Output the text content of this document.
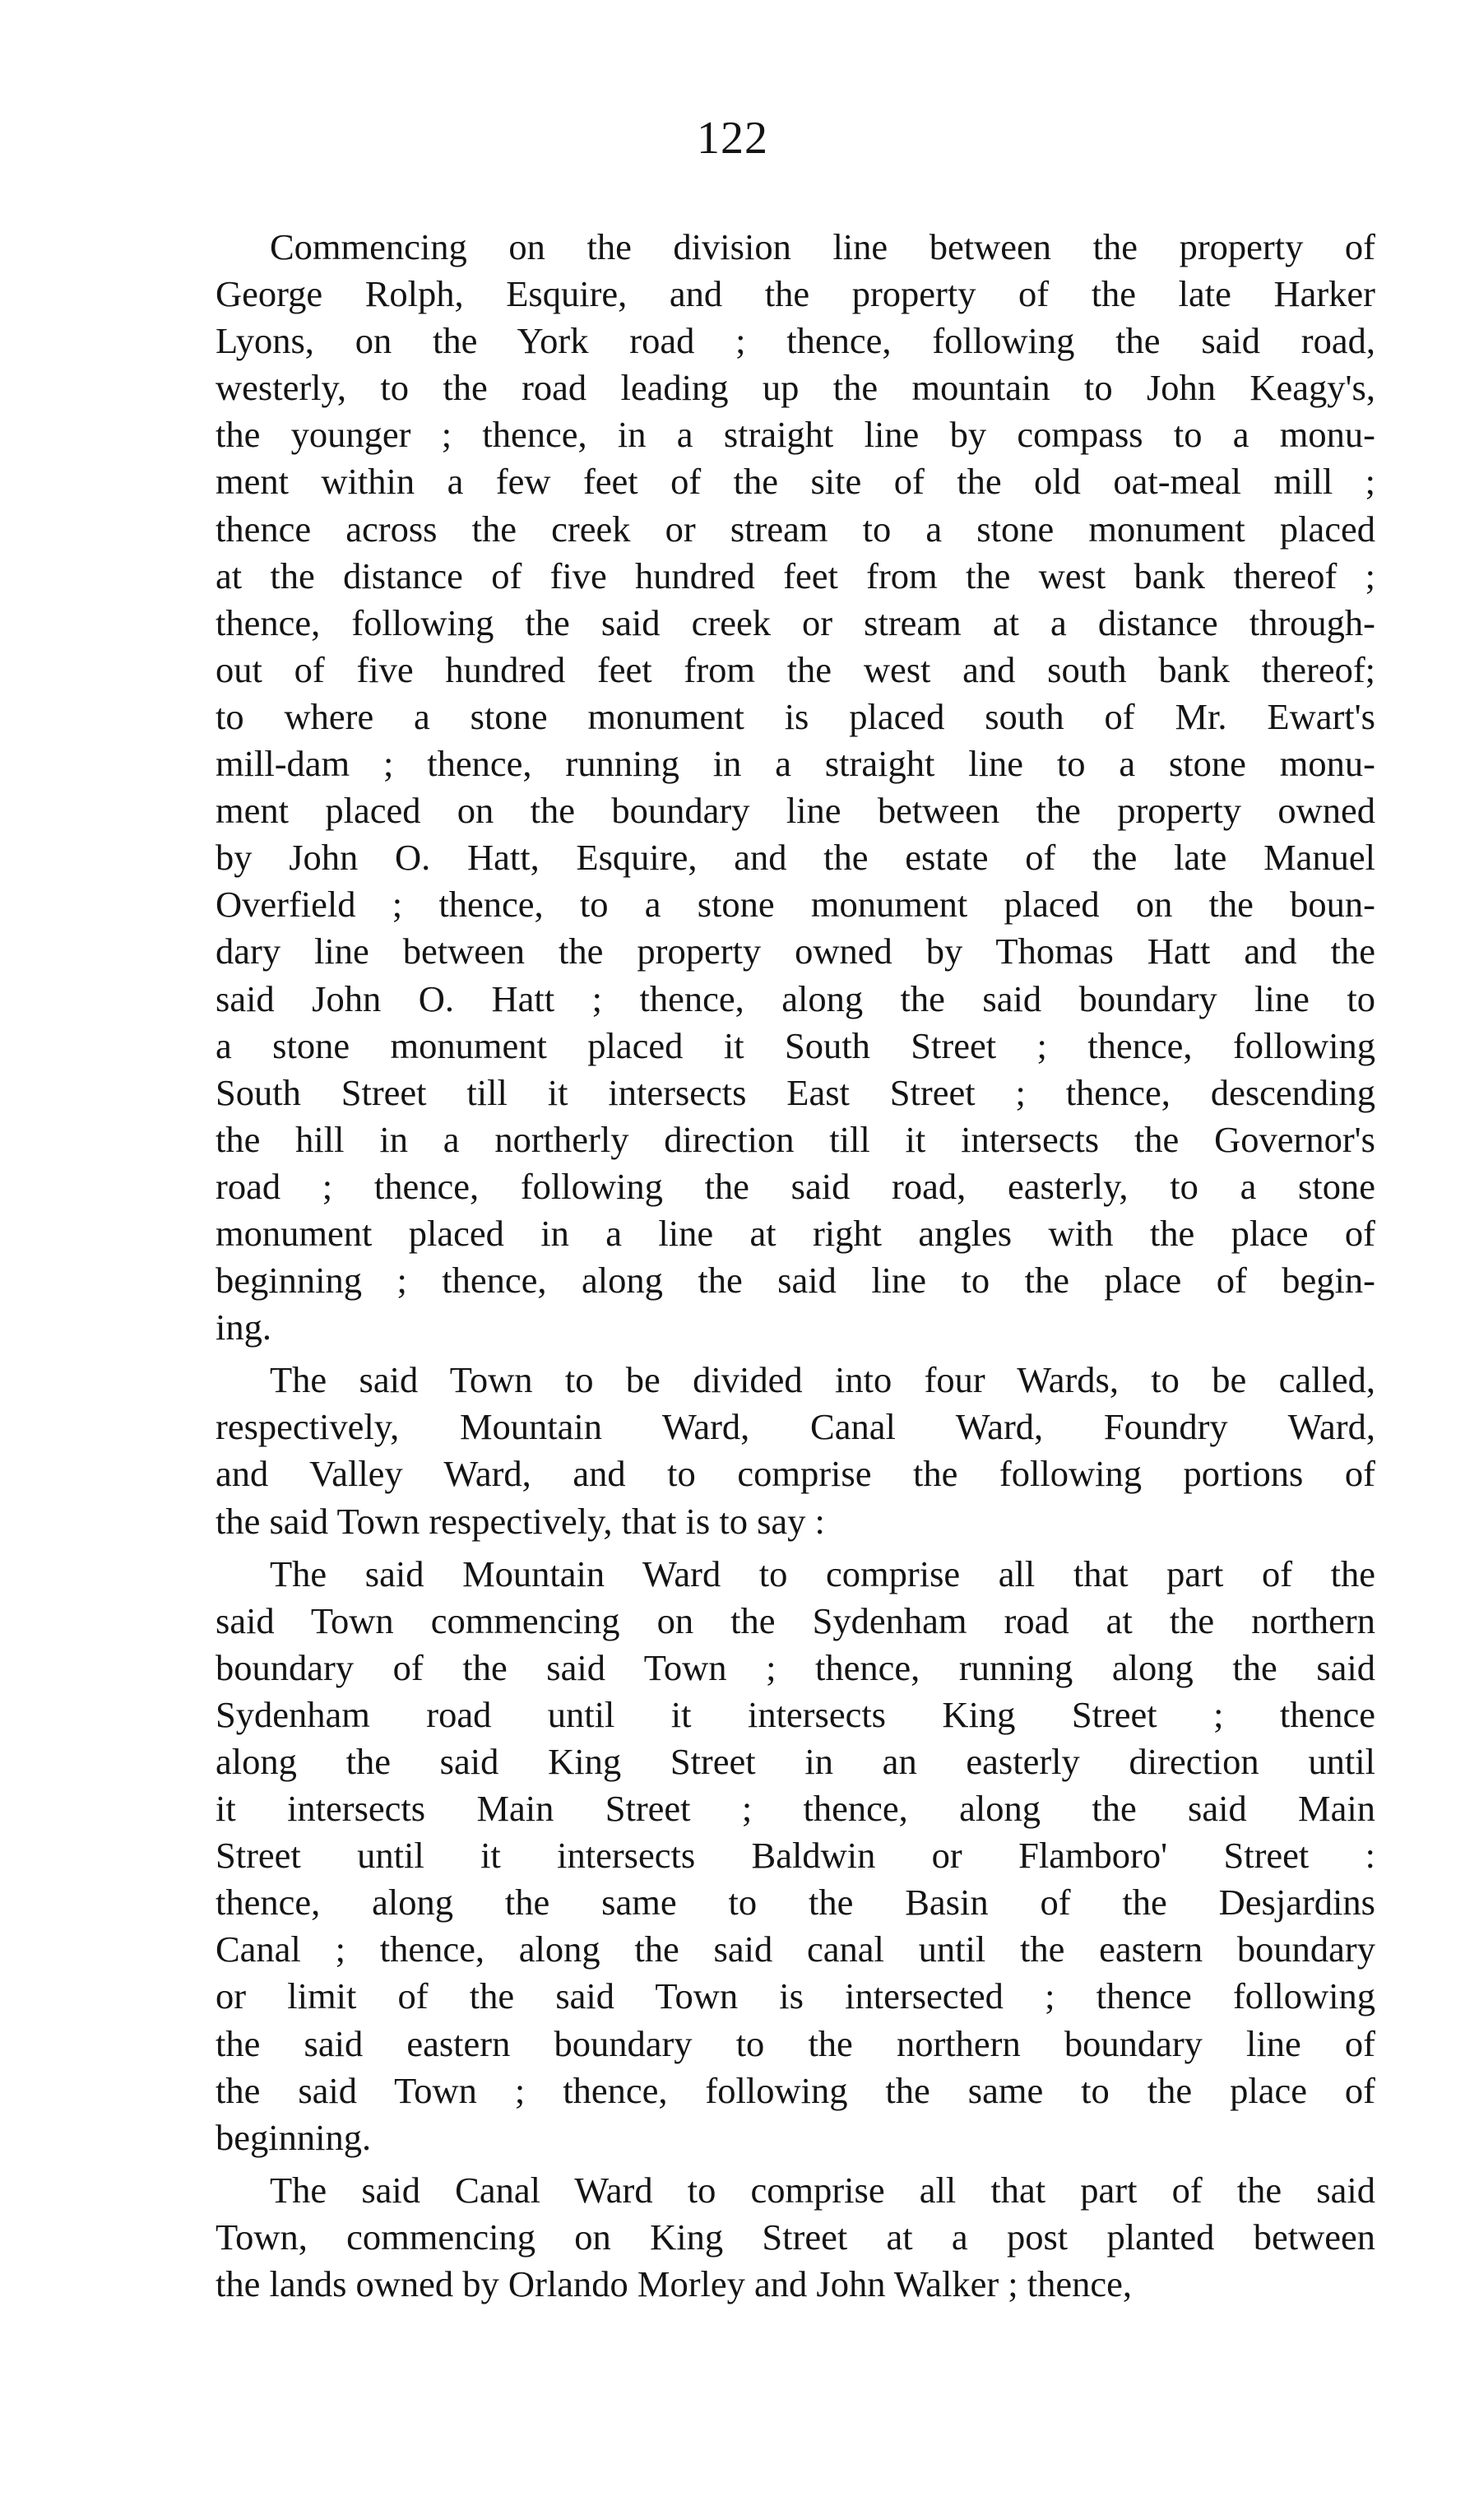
122
Commencing on the division line between the property of
George Rolph, Esquire, and the property of the late Harker
Lyons, on the York road ; thence, following the said road,
westerly, to the road leading up the mountain to John Keagy's,
the younger ; thence, in a straight line by compass to a monu-
ment within a few feet of the site of the old oat-meal mill ;
thence across the creek or stream to a stone monument placed
at the distance of five hundred feet from the west bank thereof ;
thence, following the said creek or stream at a distance through-
out of five hundred feet from the west and south bank thereof;
to where a stone monument is placed south of Mr. Ewart's
mill-dam ; thence, running in a straight line to a stone monu-
ment placed on the boundary line between the property owned
by John O. Hatt, Esquire, and the estate of the late Manuel
Overfield ; thence, to a stone monument placed on the boun-
dary line between the property owned by Thomas Hatt and the
said John O. Hatt ; thence, along the said boundary line to
a stone monument placed it South Street ; thence, following
South Street till it intersects East Street ; thence, descending
the hill in a northerly direction till it intersects the Governor's
road ; thence, following the said road, easterly, to a stone
monument placed in a line at right angles with the place of
beginning ; thence, along the said line to the place of begin-
ing.
The said Town to be divided into four Wards, to be called,
respectively, Mountain Ward, Canal Ward, Foundry Ward,
and Valley Ward, and to comprise the following portions of
the said Town respectively, that is to say :
The said Mountain Ward to comprise all that part of the
said Town commencing on the Sydenham road at the northern
boundary of the said Town ; thence, running along the said
Sydenham road until it intersects King Street ; thence
along the said King Street in an easterly direction until
it intersects Main Street ; thence, along the said Main
Street until it intersects Baldwin or Flamboro' Street :
thence, along the same to the Basin of the Desjardins
Canal ; thence, along the said canal until the eastern boundary
or limit of the said Town is intersected ; thence following
the said eastern boundary to the northern boundary line of
the said Town ; thence, following the same to the place of
beginning.
The said Canal Ward to comprise all that part of the said
Town, commencing on King Street at a post planted between
the lands owned by Orlando Morley and John Walker ; thence,
